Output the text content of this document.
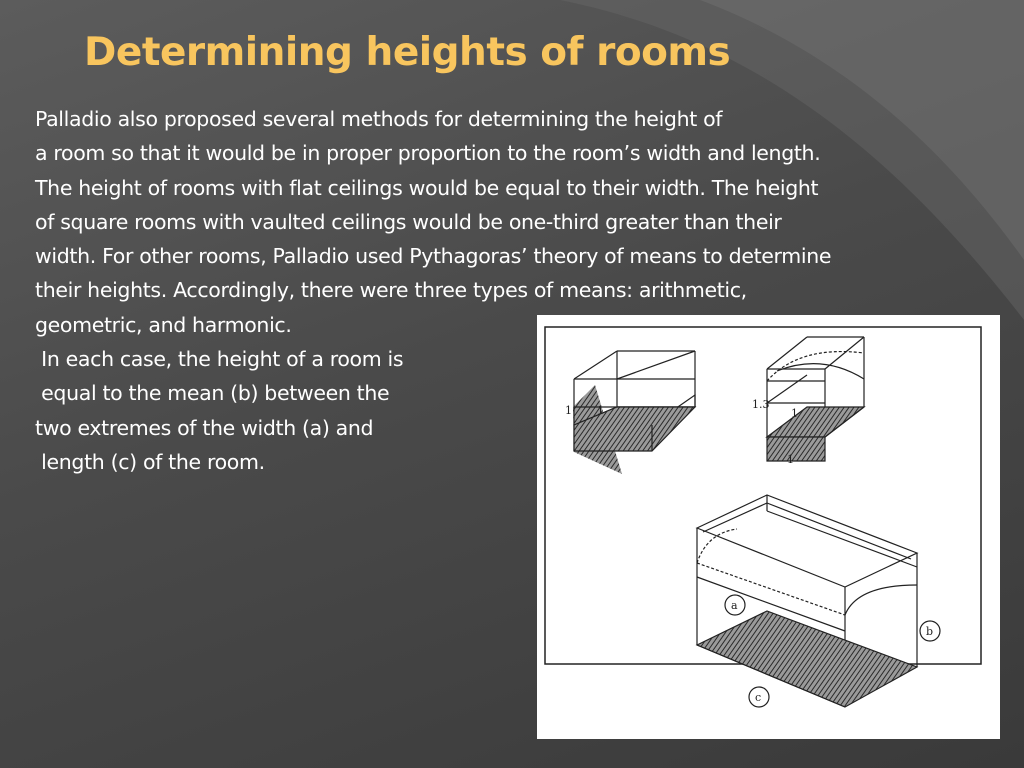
Determining heights of rooms
Palladio also proposed several methods for determining the height of
a room so that it would be in proper proportion to the room’s width and length.
The height of rooms with flat ceilings would be equal to their width. The height
of square rooms with vaulted ceilings would be one-third greater than their
width. For other rooms, Palladio used Pythagoras’ theory of means to determine
their heights. Accordingly, there were three types of means: arithmetic,
geometric, and harmonic.
In each case, the height of a room is
equal to the mean (b) between the
two extremes of the width (a) and
length (c) of the room.
1 1	1.3
1
1
a
b
c
